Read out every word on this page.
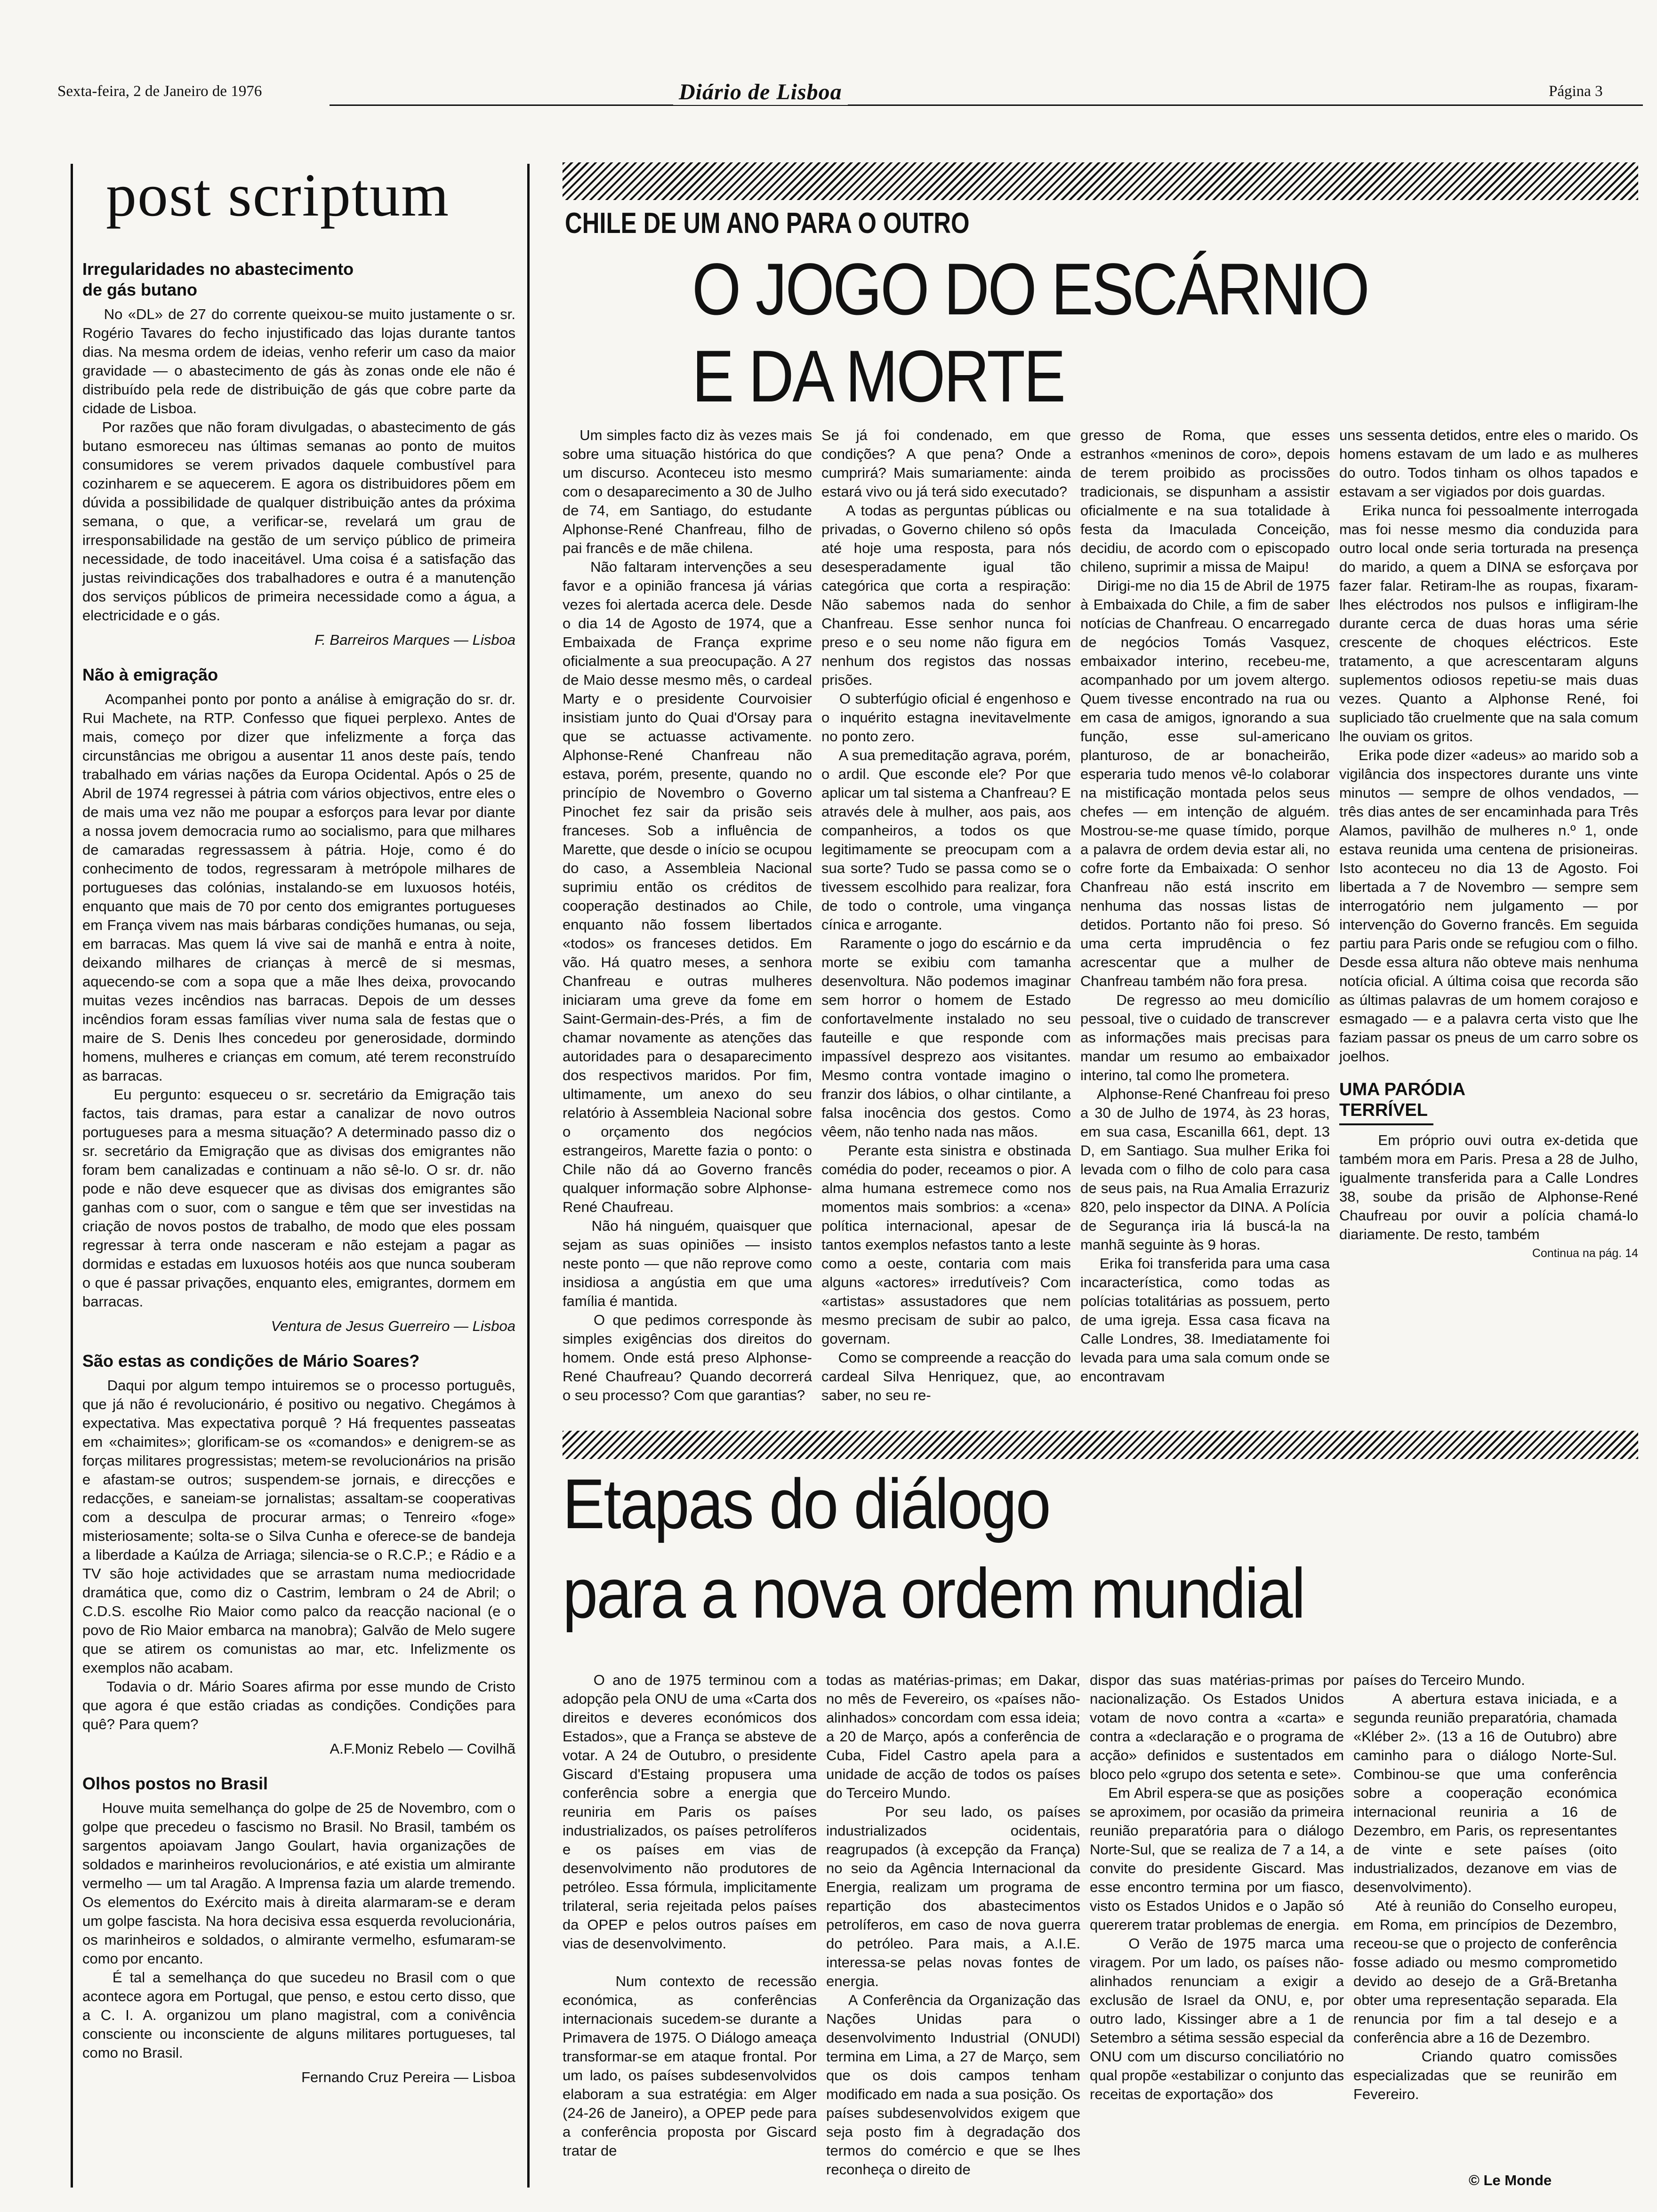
Sexta-feira, 2 de Janeiro de 1976	Diário de Lisboa	Página 3
post scriptum

Irregularidades no abastecimento
de gás butano

No «DL» de 27 do corrente queixou-se muito justamente o sr. Rogério Tavares do fecho injustificado das lojas durante tantos dias. Na mesma ordem de ideias, venho referir um caso da maior gravidade — o abastecimento de gás às zonas onde ele não é distribuído pela rede de distribuição de gás que cobre parte da cidade de Lisboa.
Por razões que não foram divulgadas, o abastecimento de gás butano esmoreceu nas últimas semanas ao ponto de muitos consumidores se verem privados daquele combustível para cozinharem e se aquecerem. E agora os distribuidores põem em dúvida a possibilidade de qualquer distribuição antes da próxima semana, o que, a verificar-se, revelará um grau de irresponsabilidade na gestão de um serviço público de primeira necessidade, de todo inaceitável. Uma coisa é a satisfação das justas reivindicações dos trabalhadores e outra é a manutenção dos serviços públicos de primeira necessidade como a água, a electricidade e o gás.

F. Barreiros Marques — Lisboa

Não à emigração

Acompanhei ponto por ponto a análise à emigração do sr. dr. Rui Machete, na RTP. Confesso que fiquei perplexo. Antes de mais, começo por dizer que infelizmente a força das circunstâncias me obrigou a ausentar 11 anos deste país, tendo trabalhado em várias nações da Europa Ocidental. Após o 25 de Abril de 1974 regressei à pátria com vários objectivos, entre eles o de mais uma vez não me poupar a esforços para levar por diante a nossa jovem democracia rumo ao socialismo, para que milhares de camaradas regressassem à pátria. Hoje, como é do conhecimento de todos, regressaram à metrópole milhares de portugueses das colónias, instalando-se em luxuosos hotéis, enquanto que mais de 70 por cento dos emigrantes portugueses em França vivem nas mais bárbaras condições humanas, ou seja, em barracas. Mas quem lá vive sai de manhã e entra à noite, deixando milhares de crianças à mercê de si mesmas, aquecendo-se com a sopa que a mãe lhes deixa, provocando muitas vezes incêndios nas barracas. Depois de um desses incêndios foram essas famílias viver numa sala de festas que o maire de S. Denis lhes concedeu por generosidade, dormindo homens, mulheres e crianças em comum, até terem reconstruído as barracas.
Eu pergunto: esqueceu o sr. secretário da Emigração tais factos, tais dramas, para estar a canalizar de novo outros portugueses para a mesma situação? A determinado passo diz o sr. secretário da Emigração que as divisas dos emigrantes não foram bem canalizadas e continuam a não sê-lo. O sr. dr. não pode e não deve esquecer que as divisas dos emigrantes são ganhas com o suor, com o sangue e têm que ser investidas na criação de novos postos de trabalho, de modo que eles possam regressar à terra onde nasceram e não estejam a pagar as dormidas e estadas em luxuosos hotéis aos que nunca souberam o que é passar privações, enquanto eles, emigrantes, dormem em barracas.

Ventura de Jesus Guerreiro — Lisboa

São estas as condições de Mário Soares?

Daqui por algum tempo intuiremos se o processo português, que já não é revolucionário, é positivo ou negativo. Chegámos à expectativa. Mas expectativa porquê ? Há frequentes passeatas em «chaimites»; glorificam-se os «comandos» e denigrem-se as forças militares progressistas; metem-se revolucionários na prisão e afastam-se outros; suspendem-se jornais, e direcções e redacções, e saneiam-se jornalistas; assaltam-se cooperativas com a desculpa de procurar armas; o Tenreiro «foge» misteriosamente; solta-se o Silva Cunha e oferece-se de bandeja a liberdade a Kaúlza de Arriaga; silencia-se o R.C.P.; e Rádio e a TV são hoje actividades que se arrastam numa mediocridade dramática que, como diz o Castrim, lembram o 24 de Abril; o C.D.S. escolhe Rio Maior como palco da reacção nacional (e o povo de Rio Maior embarca na manobra); Galvão de Melo sugere que se atirem os comunistas ao mar, etc. Infelizmente os exemplos não acabam.
Todavia o dr. Mário Soares afirma por esse mundo de Cristo que agora é que estão criadas as condições. Condições para quê? Para quem?

A.F.Moniz Rebelo — Covilhã

Olhos postos no Brasil

Houve muita semelhança do golpe de 25 de Novembro, com o golpe que precedeu o fascismo no Brasil. No Brasil, também os sargentos apoiavam Jango Goulart, havia organizações de soldados e marinheiros revolucionários, e até existia um almirante vermelho — um tal Aragão. A Imprensa fazia um alarde tremendo. Os elementos do Exército mais à direita alarmaram-se e deram um golpe fascista. Na hora decisiva essa esquerda revolucionária, os marinheiros e soldados, o almirante vermelho, esfumaram-se como por encanto.
É tal a semelhança do que sucedeu no Brasil com o que acontece agora em Portugal, que penso, e estou certo disso, que a C. I. A. organizou um plano magistral, com a conivência consciente ou inconsciente de alguns militares portugueses, tal como no Brasil.

Fernando Cruz Pereira — Lisboa
CHILE DE UM ANO PARA O OUTRO
O JOGO DO ESCÁRNIO
E DA MORTE

Um simples facto diz às vezes mais sobre uma situação histórica do que um discurso. Aconteceu isto mesmo com o desaparecimento a 30 de Julho de 74, em Santiago, do estudante Alphonse-René Chanfreau, filho de pai francês e de mãe chilena.
Não faltaram intervenções a seu favor e a opinião francesa já várias vezes foi alertada acerca dele. Desde o dia 14 de Agosto de 1974, que a Embaixada de França exprime oficialmente a sua preocupação. A 27 de Maio desse mesmo mês, o cardeal Marty e o presidente Courvoisier insistiam junto do Quai d'Orsay para que se actuasse activamente. Alphonse-René Chanfreau não estava, porém, presente, quando no princípio de Novembro o Governo Pinochet fez sair da prisão seis franceses. Sob a influência de Marette, que desde o início se ocupou do caso, a Assembleia Nacional suprimiu então os créditos de cooperação destinados ao Chile, enquanto não fossem libertados «todos» os franceses detidos. Em vão. Há quatro meses, a senhora Chanfreau e outras mulheres iniciaram uma greve da fome em Saint-Germain-des-Prés, a fim de chamar novamente as atenções das autoridades para o desaparecimento dos respectivos maridos. Por fim, ultimamente, um anexo do seu relatório à Assembleia Nacional sobre o orçamento dos negócios estrangeiros, Marette fazia o ponto: o Chile não dá ao Governo francês qualquer informação sobre Alphonse-René Chaufreau.
Não há ninguém, quaisquer que sejam as suas opiniões — insisto neste ponto — que não reprove como insidiosa a angústia em que uma família é mantida.
O que pedimos corresponde às simples exigências dos direitos do homem. Onde está preso Alphonse-René Chaufreau? Quando decorrerá o seu processo? Com que garantias?

Se já foi condenado, em que condições? A que pena? Onde a cumprirá? Mais sumariamente: ainda estará vivo ou já terá sido executado?
A todas as perguntas públicas ou privadas, o Governo chileno só opôs até hoje uma resposta, para nós desesperadamente igual tão categórica que corta a respiração: Não sabemos nada do senhor Chanfreau. Esse senhor nunca foi preso e o seu nome não figura em nenhum dos registos das nossas prisões.
O subterfúgio oficial é engenhoso e o inquérito estagna inevitavelmente no ponto zero.
A sua premeditação agrava, porém, o ardil. Que esconde ele? Por que aplicar um tal sistema a Chanfreau? E através dele à mulher, aos pais, aos companheiros, a todos os que legitimamente se preocupam com a sua sorte? Tudo se passa como se o tivessem escolhido para realizar, fora de todo o controle, uma vingança cínica e arrogante.
Raramente o jogo do escárnio e da morte se exibiu com tamanha desenvoltura. Não podemos imaginar sem horror o homem de Estado confortavelmente instalado no seu fauteille e que responde com impassível desprezo aos visitantes. Mesmo contra vontade imagino o franzir dos lábios, o olhar cintilante, a falsa inocência dos gestos. Como vêem, não tenho nada nas mãos.
Perante esta sinistra e obstinada comédia do poder, receamos o pior. A alma humana estremece como nos momentos mais sombrios: a «cena» política internacional, apesar de tantos exemplos nefastos tanto a leste como a oeste, contaria com mais alguns «actores» irredutíveis? Com «artistas» assustadores que nem mesmo precisam de subir ao palco, governam.
Como se compreende a reacção do cardeal Silva Henriquez, que, ao saber, no seu re-

gresso de Roma, que esses estranhos «meninos de coro», depois de terem proibido as procissões tradicionais, se dispunham a assistir oficialmente e na sua totalidade à festa da Imaculada Conceição, decidiu, de acordo com o episcopado chileno, suprimir a missa de Maipu!
Dirigi-me no dia 15 de Abril de 1975 à Embaixada do Chile, a fim de saber notícias de Chanfreau. O encarregado de negócios Tomás Vasquez, embaixador interino, recebeu-me, acompanhado por um jovem altergo. Quem tivesse encontrado na rua ou em casa de amigos, ignorando a sua função, esse sul-americano planturoso, de ar bonacheirão, esperaria tudo menos vê-lo colaborar na mistificação montada pelos seus chefes — em intenção de alguém. Mostrou-se-me quase tímido, porque a palavra de ordem devia estar ali, no cofre forte da Embaixada: O senhor Chanfreau não está inscrito em nenhuma das nossas listas de detidos. Portanto não foi preso. Só uma certa imprudência o fez acrescentar que a mulher de Chanfreau também não fora presa.
De regresso ao meu domicílio pessoal, tive o cuidado de transcrever as informações mais precisas para mandar um resumo ao embaixador interino, tal como lhe prometera.
Alphonse-René Chanfreau foi preso a 30 de Julho de 1974, às 23 horas, em sua casa, Escanilla 661, dept. 13 D, em Santiago. Sua mulher Erika foi levada com o filho de colo para casa de seus pais, na Rua Amalia Errazuriz 820, pelo inspector da DINA. A Polícia de Segurança iria lá buscá-la na manhã seguinte às 9 horas.
Erika foi transferida para uma casa incaracterística, como todas as polícias totalitárias as possuem, perto de uma igreja. Essa casa ficava na Calle Londres, 38. Imediatamente foi levada para uma sala comum onde se encontravam

uns sessenta detidos, entre eles o marido. Os homens estavam de um lado e as mulheres do outro. Todos tinham os olhos tapados e estavam a ser vigiados por dois guardas.
Erika nunca foi pessoalmente interrogada mas foi nesse mesmo dia conduzida para outro local onde seria torturada na presença do marido, a quem a DINA se esforçava por fazer falar. Retiram-lhe as roupas, fixaram-lhes eléctrodos nos pulsos e infligiram-lhe durante cerca de duas horas uma série crescente de choques eléctricos. Este tratamento, a que acrescentaram alguns suplementos odiosos repetiu-se mais duas vezes. Quanto a Alphonse René, foi supliciado tão cruelmente que na sala comum lhe ouviam os gritos.
Erika pode dizer «adeus» ao marido sob a vigilância dos inspectores durante uns vinte minutos — sempre de olhos vendados, — três dias antes de ser encaminhada para Três Alamos, pavilhão de mulheres n.º 1, onde estava reunida uma centena de prisioneiras. Isto aconteceu no dia 13 de Agosto. Foi libertada a 7 de Novembro — sempre sem interrogatório nem julgamento — por intervenção do Governo francês. Em seguida partiu para Paris onde se refugiou com o filho. Desde essa altura não obteve mais nenhuma notícia oficial. A última coisa que recorda são as últimas palavras de um homem corajoso e esmagado — e a palavra certa visto que lhe faziam passar os pneus de um carro sobre os joelhos.

UMA PARÓDIA
TERRÍVEL

Em próprio ouvi outra ex-detida que também mora em Paris. Presa a 28 de Julho, igualmente transferida para a Calle Londres 38, soube da prisão de Alphonse-René Chaufreau por ouvir a polícia chamá-lo diariamente. De resto, também

Continua na pág. 14
Etapas do diálogo
para a nova ordem mundial

O ano de 1975 terminou com a adopção pela ONU de uma «Carta dos direitos e deveres económicos dos Estados», que a França se absteve de votar. A 24 de Outubro, o presidente Giscard d'Estaing propusera uma conferência sobre a energia que reuniria em Paris os países industrializados, os países petrolíferos e os países em vias de desenvolvimento não produtores de petróleo. Essa fórmula, implicitamente trilateral, seria rejeitada pelos países da OPEP e pelos outros países em vias de desenvolvimento.

Num contexto de recessão económica, as conferências internacionais sucedem-se durante a Primavera de 1975. O Diálogo ameaça transformar-se em ataque frontal. Por um lado, os países subdesenvolvidos elaboram a sua estratégia: em Alger (24-26 de Janeiro), a OPEP pede para a conferência proposta por Giscard tratar de

todas as matérias-primas; em Dakar, no mês de Fevereiro, os «países não-alinhados» concordam com essa ideia; a 20 de Março, após a conferência de Cuba, Fidel Castro apela para a unidade de acção de todos os países do Terceiro Mundo.
Por seu lado, os países industrializados ocidentais, reagrupados (à excepção da França) no seio da Agência Internacional da Energia, realizam um programa de repartição dos abastecimentos petrolíferos, em caso de nova guerra do petróleo. Para mais, a A.I.E. interessa-se pelas novas fontes de energia.
A Conferência da Organização das Nações Unidas para o desenvolvimento Industrial (ONUDI) termina em Lima, a 27 de Março, sem que os dois campos tenham modificado em nada a sua posição. Os países subdesenvolvidos exigem que seja posto fim à degradação dos termos do comércio e que se lhes reconheça o direito de

dispor das suas matérias-primas por nacionalização. Os Estados Unidos votam de novo contra a «carta» e contra a «declaração e o programa de acção» definidos e sustentados em bloco pelo «grupo dos setenta e sete».
Em Abril espera-se que as posições se aproximem, por ocasião da primeira reunião preparatória para o diálogo Norte-Sul, que se realiza de 7 a 14, a convite do presidente Giscard. Mas esse encontro termina por um fiasco, visto os Estados Unidos e o Japão só quererem tratar problemas de energia.
O Verão de 1975 marca uma viragem. Por um lado, os países não-alinhados renunciam a exigir a exclusão de Israel da ONU, e, por outro lado, Kissinger abre a 1 de Setembro a sétima sessão especial da ONU com um discurso conciliatório no qual propõe «estabilizar o conjunto das receitas de exportação» dos

países do Terceiro Mundo.
A abertura estava iniciada, e a segunda reunião preparatória, chamada «Kléber 2». (13 a 16 de Outubro) abre caminho para o diálogo Norte-Sul. Combinou-se que uma conferência sobre a cooperação económica internacional reuniria a 16 de Dezembro, em Paris, os representantes de vinte e sete países (oito industrializados, dezanove em vias de desenvolvimento).
Até à reunião do Conselho europeu, em Roma, em princípios de Dezembro, receou-se que o projecto de conferência fosse adiado ou mesmo comprometido devido ao desejo de a Grã-Bretanha obter uma representação separada. Ela renuncia por fim a tal desejo e a conferência abre a 16 de Dezembro.
Criando quatro comissões especializadas que se reunirão em Fevereiro.

© Le Monde
